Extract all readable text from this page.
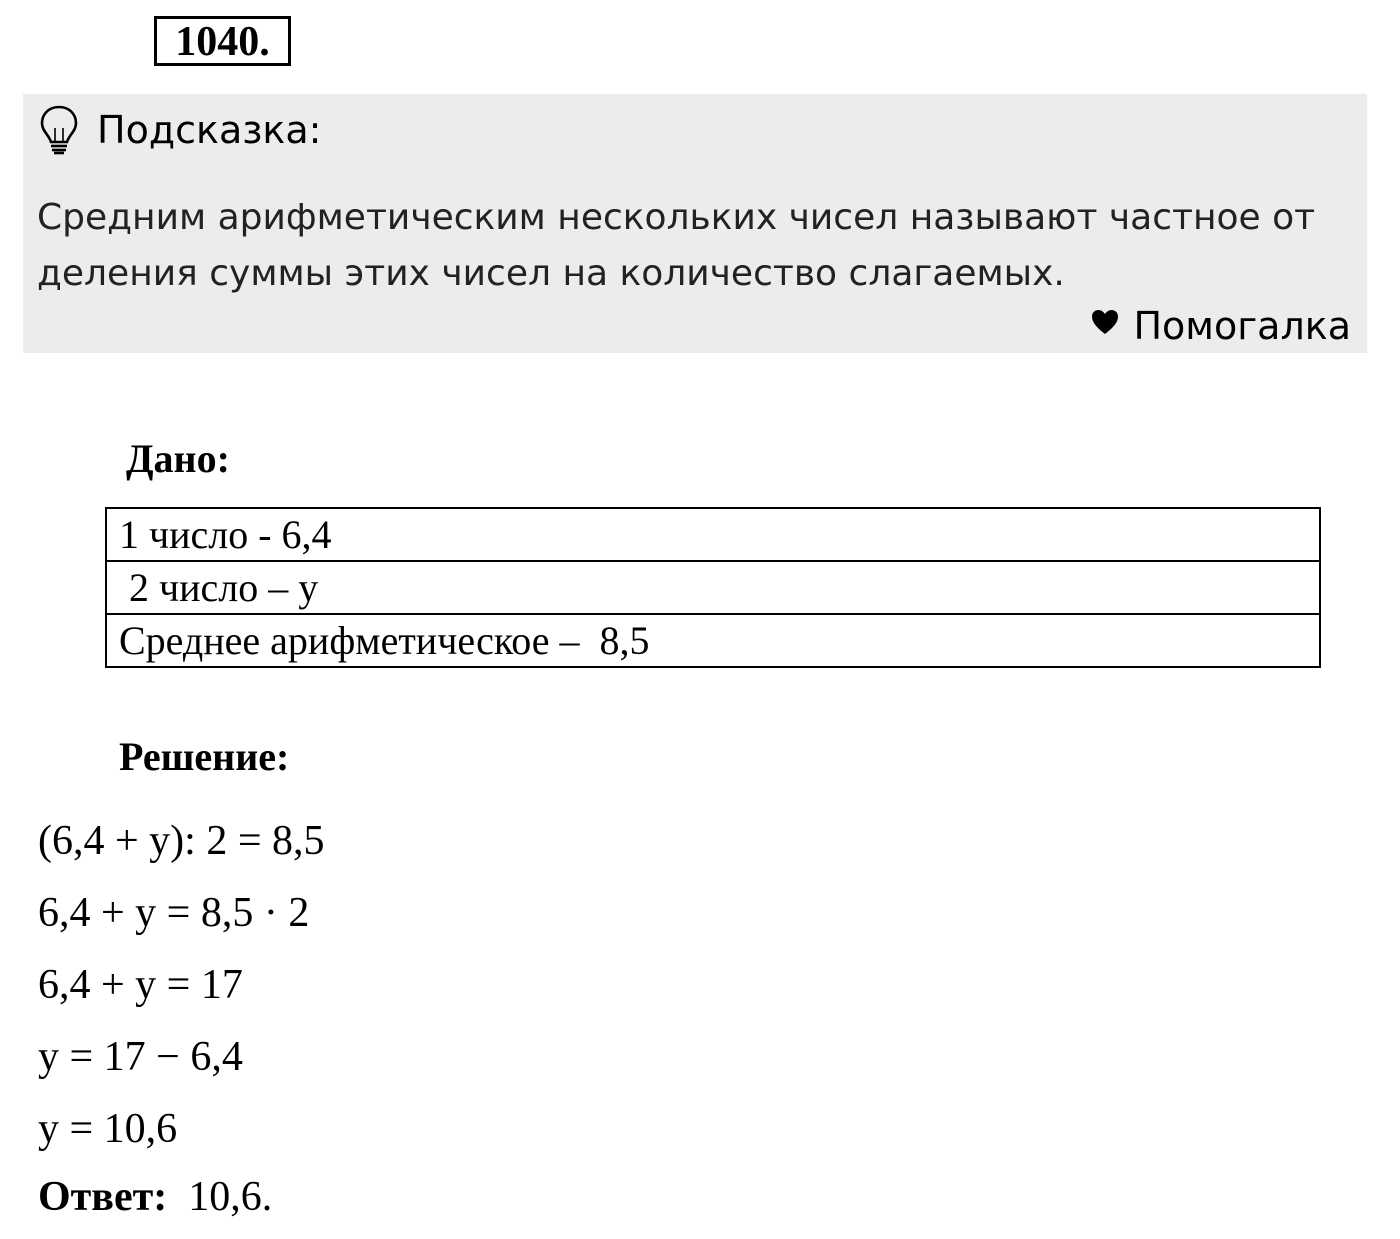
1040.
Подсказка:
Средним арифметическим нескольких чисел называют частное от деления суммы этих чисел на количество слагаемых.
Помогалка
Дано:
1 число - 6,4
2 число – y
Среднее арифметическое –  8,5
Решение:
(6,4 + y): 2 = 8,5
6,4 + y = 8,5 · 2
6,4 + y = 17
y = 17 − 6,4
y = 10,6
Ответ: 10,6.
